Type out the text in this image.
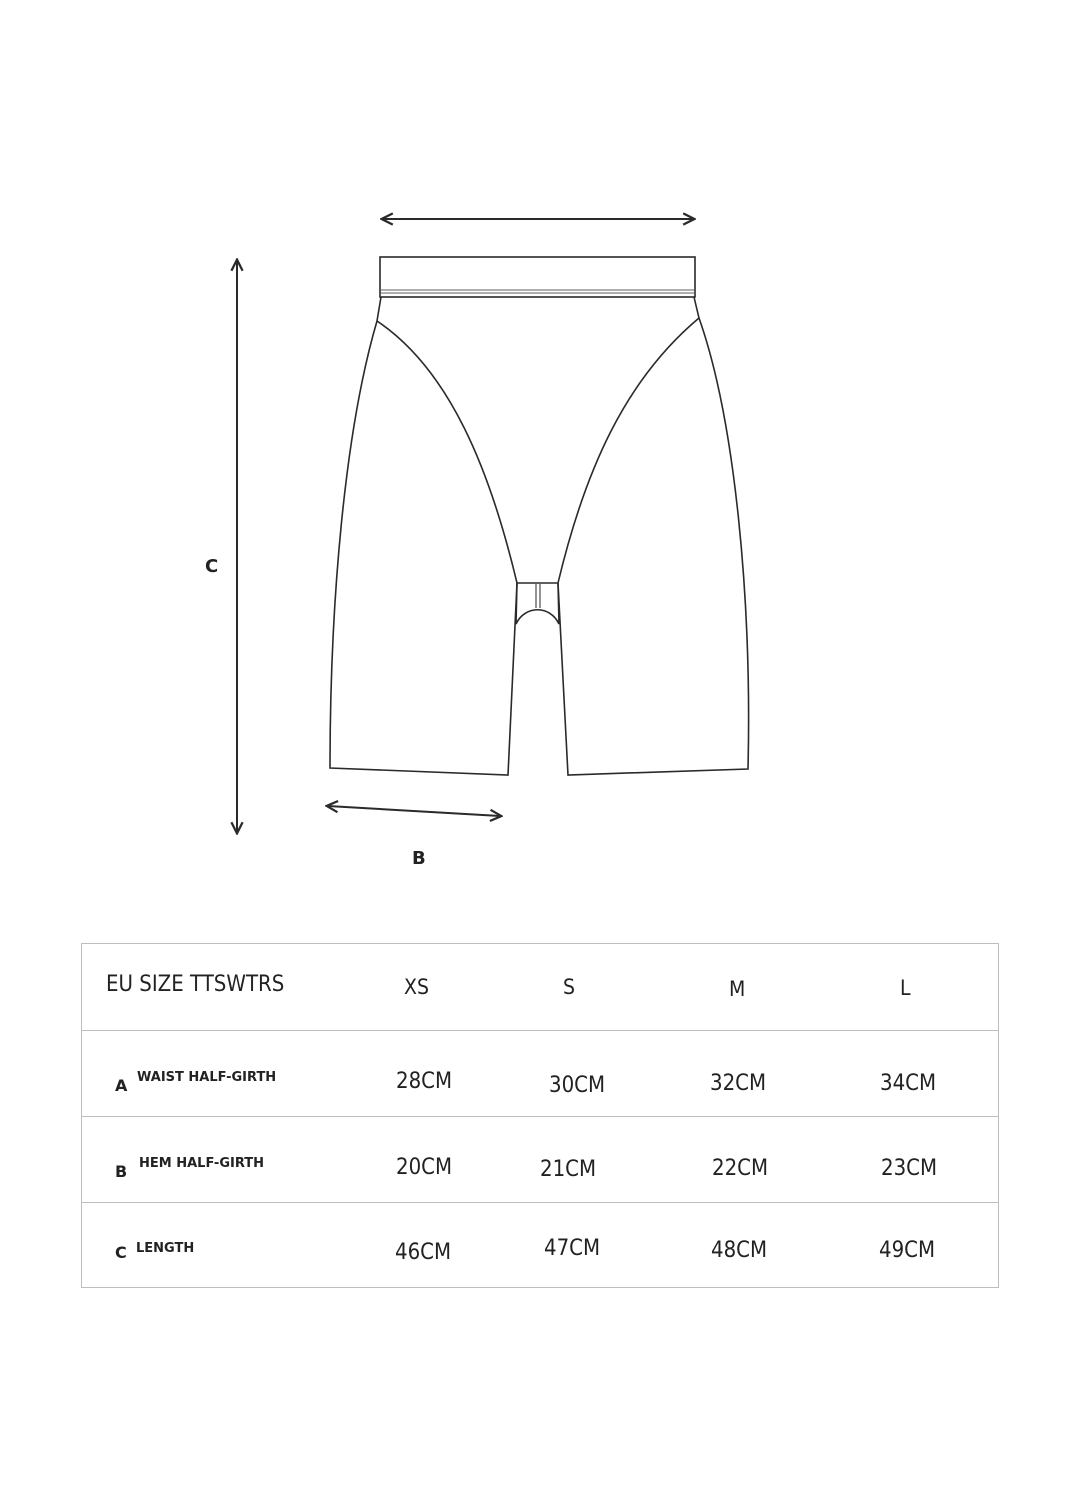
C
B
EU SIZE TTSWTRS	XS	S	M	L
A WAIST HALF-GIRTH	28CM	30CM	32CM	34CM
B HEM HALF-GIRTH	20CM	21CM	22CM	23CM
C LENGTH	46CM	47CM	48CM	49CM
